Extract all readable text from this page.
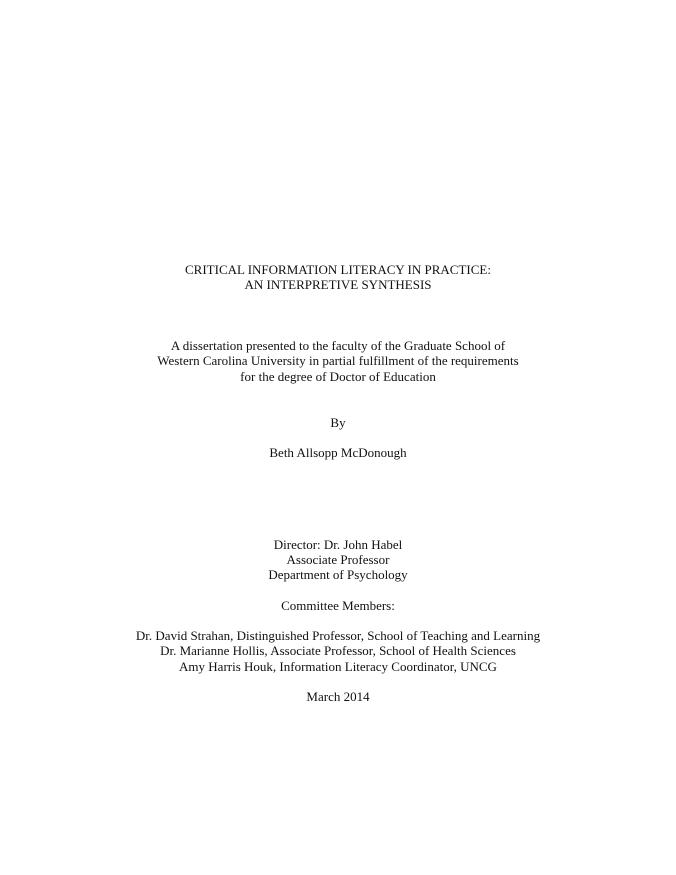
CRITICAL INFORMATION LITERACY IN PRACTICE:
AN INTERPRETIVE SYNTHESIS
A dissertation presented to the faculty of the Graduate School of
Western Carolina University in partial fulfillment of the requirements
for the degree of Doctor of Education
By
Beth Allsopp McDonough
Director: Dr. John Habel
Associate Professor
Department of Psychology
Committee Members:
Dr. David Strahan, Distinguished Professor, School of Teaching and Learning
Dr. Marianne Hollis, Associate Professor, School of Health Sciences
Amy Harris Houk, Information Literacy Coordinator, UNCG
March 2014
